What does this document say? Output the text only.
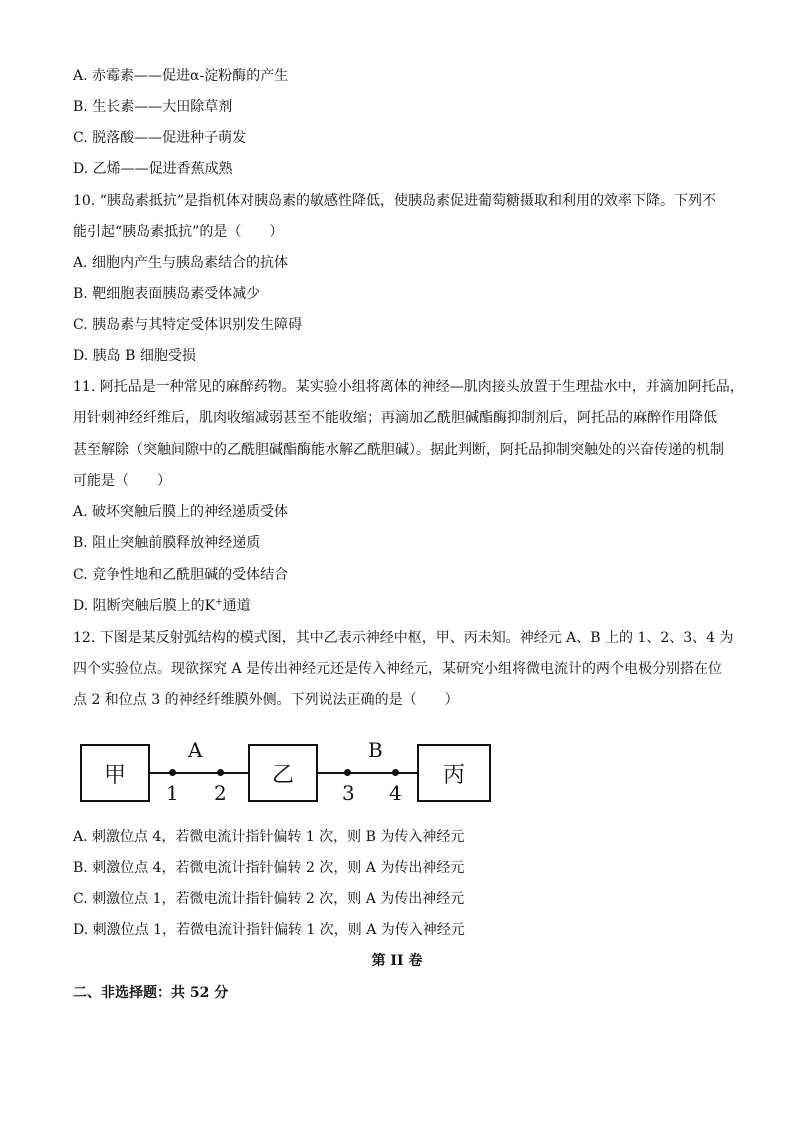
A. 赤霉素——促进α-淀粉酶的产生
B. 生长素——大田除草剂
C. 脱落酸——促进种子萌发
D. 乙烯——促进香蕉成熟
10. “胰岛素抵抗”是指机体对胰岛素的敏感性降低，使胰岛素促进葡萄糖摄取和利用的效率下降。下列不
能引起“胰岛素抵抗”的是（　　）
A. 细胞内产生与胰岛素结合的抗体
B. 靶细胞表面胰岛素受体减少
C. 胰岛素与其特定受体识别发生障碍
D. 胰岛 B 细胞受损
11. 阿托品是一种常见的麻醉药物。某实验小组将离体的神经—肌肉接头放置于生理盐水中，并滴加阿托品，
用针刺神经纤维后，肌肉收缩减弱甚至不能收缩；再滴加乙酰胆碱酯酶抑制剂后，阿托品的麻醉作用降低
甚至解除（突触间隙中的乙酰胆碱酯酶能水解乙酰胆碱）。据此判断，阿托品抑制突触处的兴奋传递的机制
可能是（　　）
A. 破坏突触后膜上的神经递质受体
B. 阻止突触前膜释放神经递质
C. 竞争性地和乙酰胆碱的受体结合
D. 阻断突触后膜上的K+通道
12. 下图是某反射弧结构的模式图，其中乙表示神经中枢，甲、丙未知。神经元 A、B 上的 1、2、3、4 为
四个实验位点。现欲探究 A 是传出神经元还是传入神经元，某研究小组将微电流计的两个电极分别搭在位
点 2 和位点 3 的神经纤维膜外侧。下列说法正确的是（　　）
甲	乙	丙
A	B
1 2	3 4
A. 刺激位点 4，若微电流计指针偏转 1 次，则 B 为传入神经元
B. 刺激位点 4，若微电流计指针偏转 2 次，则 A 为传出神经元
C. 刺激位点 1，若微电流计指针偏转 2 次，则 A 为传出神经元
D. 刺激位点 1，若微电流计指针偏转 1 次，则 A 为传入神经元
第 II 卷
二、非选择题：共 52 分
